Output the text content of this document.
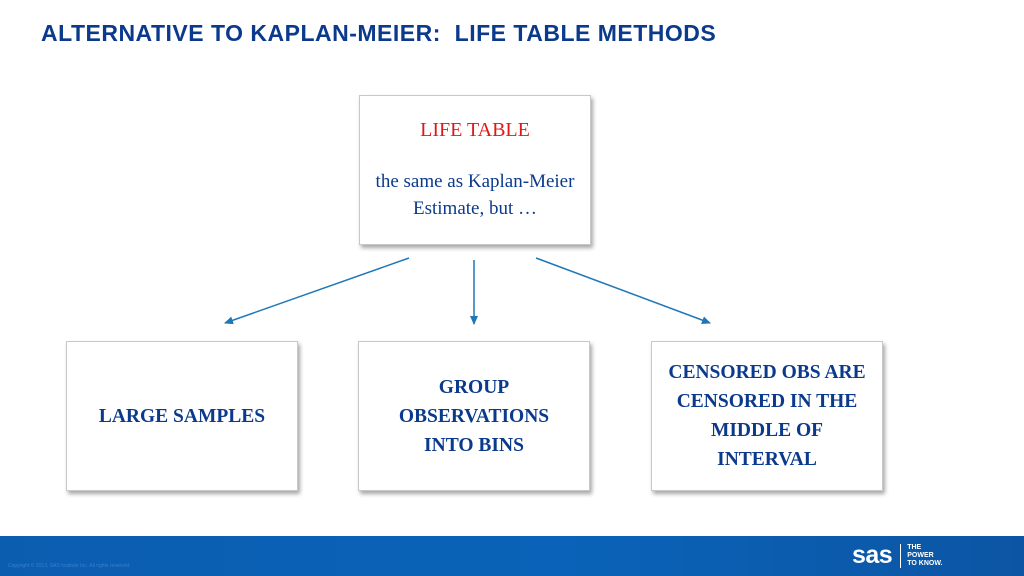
ALTERNATIVE TO KAPLAN-MEIER:  LIFE TABLE METHODS
LIFE TABLE
the same as Kaplan-Meier Estimate, but …
LARGE SAMPLES
GROUP OBSERVATIONS INTO BINS
CENSORED OBS ARE CENSORED IN THE MIDDLE OF INTERVAL
Copyright © 2013, SAS Institute Inc. All rights reserved.	sas THE
POWER
TO KNOW.
